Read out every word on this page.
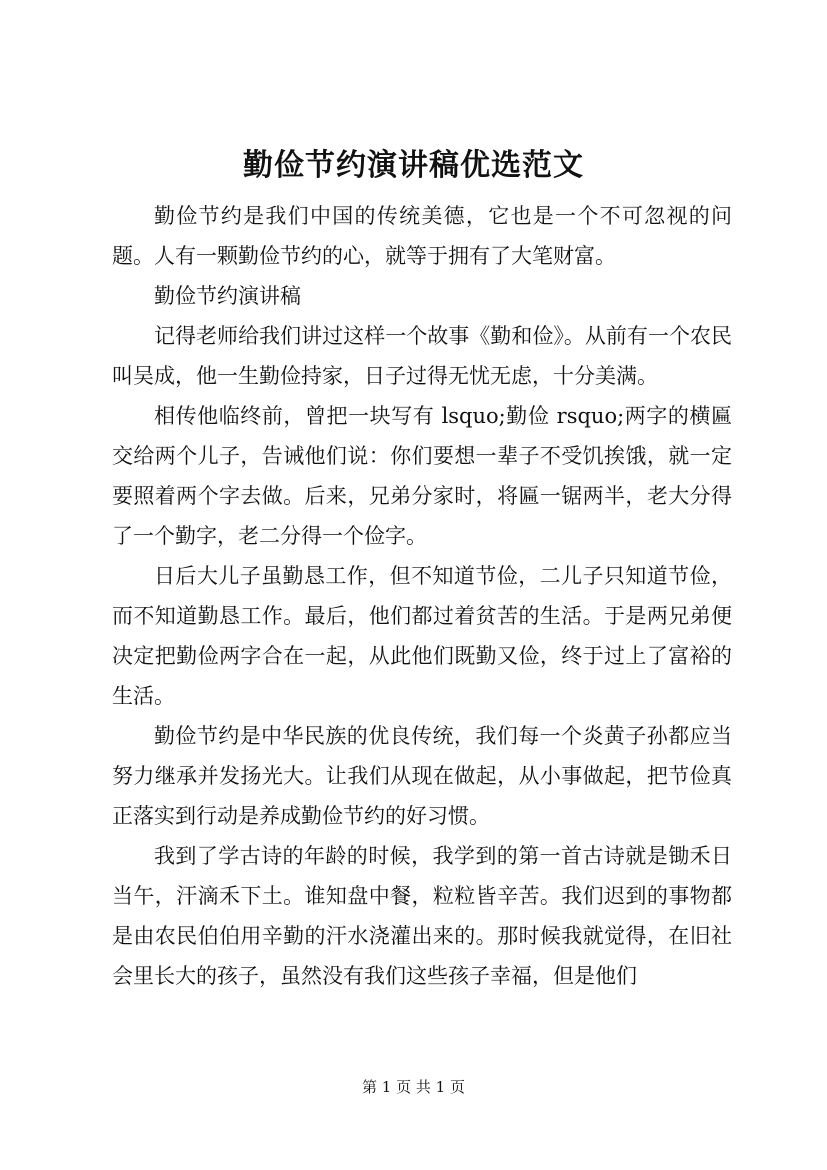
勤俭节约演讲稿优选范文

勤俭节约是我们中国的传统美德，它也是一个不可忽视的问题。人有一颗勤俭节约的心，就等于拥有了大笔财富。

勤俭节约演讲稿

记得老师给我们讲过这样一个故事《勤和俭》。从前有一个农民叫吴成，他一生勤俭持家，日子过得无忧无虑，十分美满。

相传他临终前，曾把一块写有 lsquo;勤俭 rsquo;两字的横匾交给两个儿子，告诫他们说：你们要想一辈子不受饥挨饿，就一定要照着两个字去做。后来，兄弟分家时，将匾一锯两半，老大分得了一个勤字，老二分得一个俭字。

日后大儿子虽勤恳工作，但不知道节俭，二儿子只知道节俭，而不知道勤恳工作。最后，他们都过着贫苦的生活。于是两兄弟便决定把勤俭两字合在一起，从此他们既勤又俭，终于过上了富裕的生活。

勤俭节约是中华民族的优良传统，我们每一个炎黄子孙都应当努力继承并发扬光大。让我们从现在做起，从小事做起，把节俭真正落实到行动是养成勤俭节约的好习惯。

我到了学古诗的年龄的时候，我学到的第一首古诗就是锄禾日当午，汗滴禾下土。谁知盘中餐，粒粒皆辛苦。我们迟到的事物都是由农民伯伯用辛勤的汗水浇灌出来的。那时候我就觉得，在旧社会里长大的孩子，虽然没有我们这些孩子幸福，但是他们

第 1 页 共 1 页
